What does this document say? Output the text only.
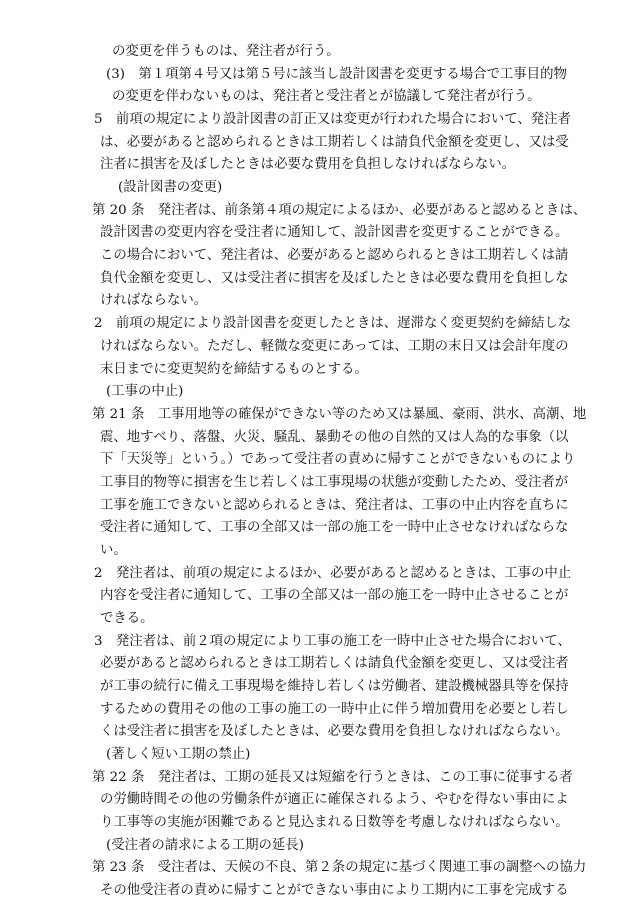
の変更を伴うものは、発注者が行う。
(3)　第１項第４号又は第５号に該当し設計図書を変更する場合で工事目的物
の変更を伴わないものは、発注者と受注者とが協議して発注者が行う。
5　前項の規定により設計図書の訂正又は変更が行われた場合において、発注者
は、必要があると認められるときは工期若しくは請負代金額を変更し、又は受
注者に損害を及ぼしたときは必要な費用を負担しなければならない。
(設計図書の変更)
第 20 条　発注者は、前条第４項の規定によるほか、必要があると認めるときは、
設計図書の変更内容を受注者に通知して、設計図書を変更することができる。
この場合において、発注者は、必要があると認められるときは工期若しくは請
負代金額を変更し、又は受注者に損害を及ぼしたときは必要な費用を負担しな
ければならない。
2　前項の規定により設計図書を変更したときは、遅滞なく変更契約を締結しな
ければならない。ただし、軽微な変更にあっては、工期の末日又は会計年度の
末日までに変更契約を締結するものとする。
(工事の中止)
第 21 条　工事用地等の確保ができない等のため又は暴風、豪雨、洪水、高潮、地
震、地すべり、落盤、火災、騒乱、暴動その他の自然的又は人為的な事象（以
下「天災等」という。）であって受注者の責めに帰すことができないものにより
工事目的物等に損害を生じ若しくは工事現場の状態が変動したため、受注者が
工事を施工できないと認められるときは、発注者は、工事の中止内容を直ちに
受注者に通知して、工事の全部又は一部の施工を一時中止させなければならな
い。
2　発注者は、前項の規定によるほか、必要があると認めるときは、工事の中止
内容を受注者に通知して、工事の全部又は一部の施工を一時中止させることが
できる。
3　発注者は、前２項の規定により工事の施工を一時中止させた場合において、
必要があると認められるときは工期若しくは請負代金額を変更し、又は受注者
が工事の続行に備え工事現場を維持し若しくは労働者、建設機械器具等を保持
するための費用その他の工事の施工の一時中止に伴う増加費用を必要とし若し
くは受注者に損害を及ぼしたときは、必要な費用を負担しなければならない。
(著しく短い工期の禁止)
第 22 条　発注者は、工期の延長又は短縮を行うときは、この工事に従事する者
の労働時間その他の労働条件が適正に確保されるよう、やむを得ない事由によ
り工事等の実施が困難であると見込まれる日数等を考慮しなければならない。
(受注者の請求による工期の延長)
第 23 条　受注者は、天候の不良、第２条の規定に基づく関連工事の調整への協力
その他受注者の責めに帰すことができない事由により工期内に工事を完成する
